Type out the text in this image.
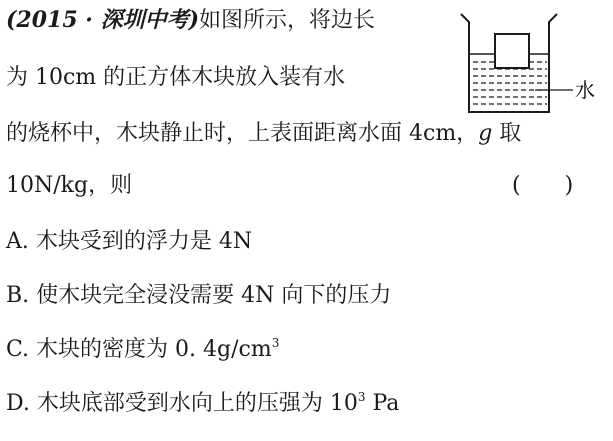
(2015 · 深圳中考)如图所示，将边长
为 10cm 的正方体木块放入装有水
的烧杯中，木块静止时，上表面距离水面 4cm，g 取
10N/kg，则	(　　)
A. 木块受到的浮力是 4N
B. 使木块完全浸没需要 4N 向下的压力
C. 木块的密度为 0. $4g/cm^3$
D. 木块底部受到水向上的压强为 $10^3$ Pa
水
